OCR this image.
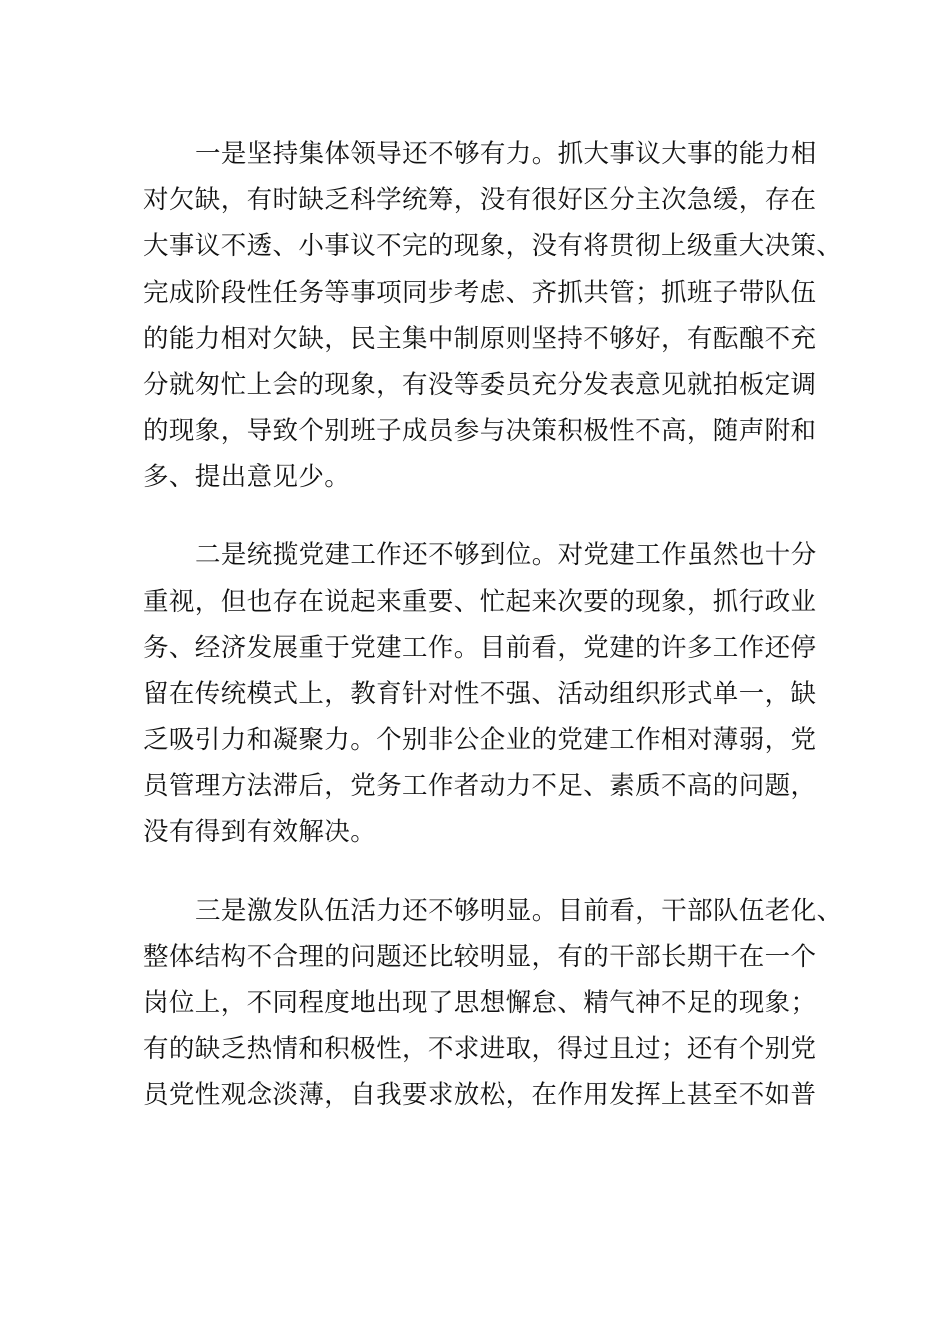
一是坚持集体领导还不够有力。抓大事议大事的能力相
对欠缺，有时缺乏科学统筹，没有很好区分主次急缓，存在
大事议不透、小事议不完的现象，没有将贯彻上级重大决策、
完成阶段性任务等事项同步考虑、齐抓共管；抓班子带队伍
的能力相对欠缺，民主集中制原则坚持不够好，有酝酿不充
分就匆忙上会的现象，有没等委员充分发表意见就拍板定调
的现象，导致个别班子成员参与决策积极性不高，随声附和
多、提出意见少。
二是统揽党建工作还不够到位。对党建工作虽然也十分
重视，但也存在说起来重要、忙起来次要的现象，抓行政业
务、经济发展重于党建工作。目前看，党建的许多工作还停
留在传统模式上，教育针对性不强、活动组织形式单一，缺
乏吸引力和凝聚力。个别非公企业的党建工作相对薄弱，党
员管理方法滞后，党务工作者动力不足、素质不高的问题，
没有得到有效解决。
三是激发队伍活力还不够明显。目前看，干部队伍老化、
整体结构不合理的问题还比较明显，有的干部长期干在一个
岗位上，不同程度地出现了思想懈怠、精气神不足的现象；
有的缺乏热情和积极性，不求进取，得过且过；还有个别党
员党性观念淡薄，自我要求放松，在作用发挥上甚至不如普
